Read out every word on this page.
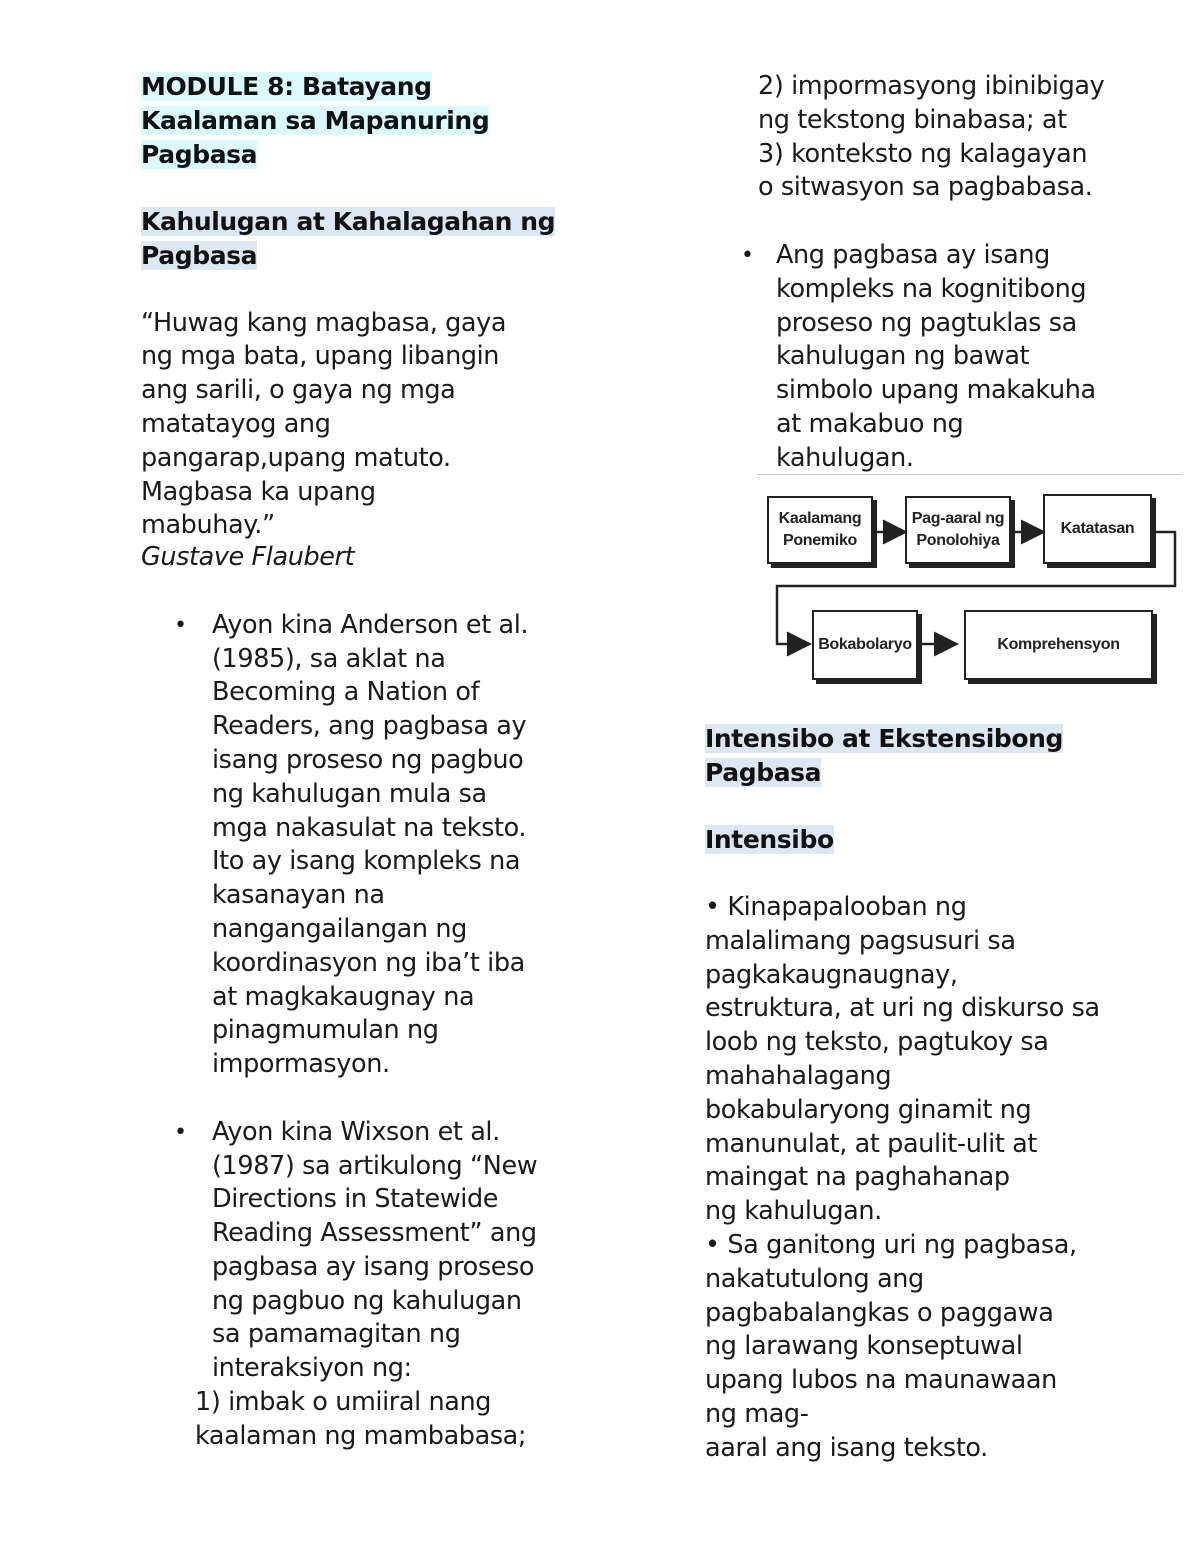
MODULE 8: Batayang
Kaalaman sa Mapanuring
Pagbasa
Kahulugan at Kahalagahan ng
Pagbasa
“Huwag kang magbasa, gaya
ng mga bata, upang libangin
ang sarili, o gaya ng mga
matatayog ang
pangarap,upang matuto.
Magbasa ka upang
mabuhay.”
Gustave Flaubert
• Ayon kina Anderson et al.
(1985), sa aklat na
Becoming a Nation of
Readers, ang pagbasa ay
isang proseso ng pagbuo
ng kahulugan mula sa
mga nakasulat na teksto.
Ito ay isang kompleks na
kasanayan na
nangangailangan ng
koordinasyon ng iba’t iba
at magkakaugnay na
pinagmumulan ng
impormasyon.
• Ayon kina Wixson et al.
(1987) sa artikulong “New
Directions in Statewide
Reading Assessment” ang
pagbasa ay isang proseso
ng pagbuo ng kahulugan
sa pamamagitan ng
interaksiyon ng:
1) imbak o umiiral nang
kaalaman ng mambabasa;
2) impormasyong ibinibigay
ng tekstong binabasa; at
3) konteksto ng kalagayan
o sitwasyon sa pagbabasa.
• Ang pagbasa ay isang
kompleks na kognitibong
proseso ng pagtuklas sa
kahulugan ng bawat
simbolo upang makakuha
at makabuo ng
kahulugan.
Kaalamang
Ponemiko
Pag-aaral ng
Ponolohiya
Katatasan
Bokabolaryo	Komprehensyon
Intensibo at Ekstensibong
Pagbasa
Intensibo
• Kinapapalooban ng
malalimang pagsusuri sa
pagkakaugnaugnay,
estruktura, at uri ng diskurso sa
loob ng teksto, pagtukoy sa
mahahalagang
bokabularyong ginamit ng
manunulat, at paulit-ulit at
maingat na paghahanap
ng kahulugan.
• Sa ganitong uri ng pagbasa,
nakatutulong ang
pagbabalangkas o paggawa
ng larawang konseptuwal
upang lubos na maunawaan
ng mag-
aaral ang isang teksto.
